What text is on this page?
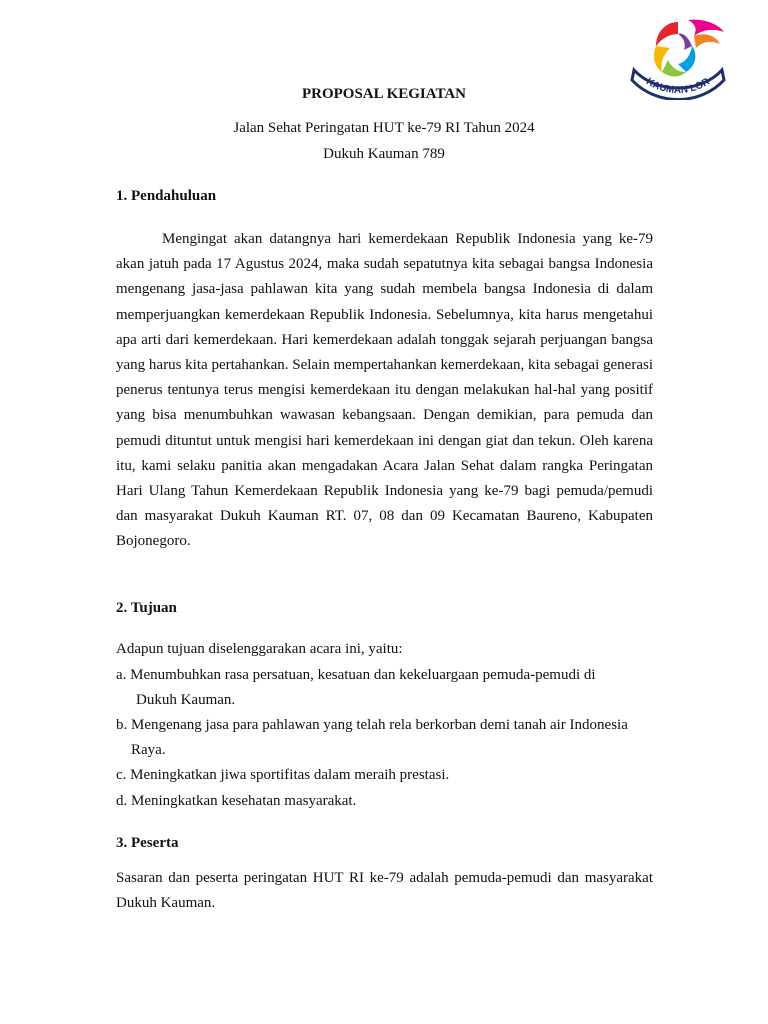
KAUMAN LOR
PROPOSAL KEGIATAN
Jalan Sehat Peringatan HUT ke-79 RI Tahun 2024
Dukuh Kauman 789
1. Pendahuluan
Mengingat akan datangnya hari kemerdekaan Republik Indonesia yang ke-79 akan jatuh pada 17 Agustus 2024, maka sudah sepatutnya kita sebagai bangsa Indonesia mengenang jasa-jasa pahlawan kita yang sudah membela bangsa Indonesia di dalam memperjuangkan kemerdekaan Republik Indonesia. Sebelumnya, kita harus mengetahui apa arti dari kemerdekaan. Hari kemerdekaan adalah tonggak sejarah perjuangan bangsa yang harus kita pertahankan. Selain mempertahankan kemerdekaan, kita sebagai generasi penerus tentunya terus mengisi kemerdekaan itu dengan melakukan hal-hal yang positif yang bisa menumbuhkan wawasan kebangsaan. Dengan demikian, para pemuda dan pemudi dituntut untuk mengisi hari kemerdekaan ini dengan giat dan tekun. Oleh karena itu, kami selaku panitia akan mengadakan Acara Jalan Sehat dalam rangka Peringatan Hari Ulang Tahun Kemerdekaan Republik Indonesia yang ke-79 bagi pemuda/pemudi dan masyarakat Dukuh Kauman RT. 07, 08 dan 09 Kecamatan Baureno, Kabupaten Bojonegoro.
2. Tujuan
Adapun tujuan diselenggarakan acara ini, yaitu:
a. Menumbuhkan rasa persatuan, kesatuan dan kekeluargaan pemuda-pemudi di
Dukuh Kauman.
b. Mengenang jasa para pahlawan yang telah rela berkorban demi tanah air Indonesia
Raya.
c. Meningkatkan jiwa sportifitas dalam meraih prestasi.
d. Meningkatkan kesehatan masyarakat.
3. Peserta
Sasaran dan peserta peringatan HUT RI ke-79 adalah pemuda-pemudi dan masyarakat Dukuh Kauman.
